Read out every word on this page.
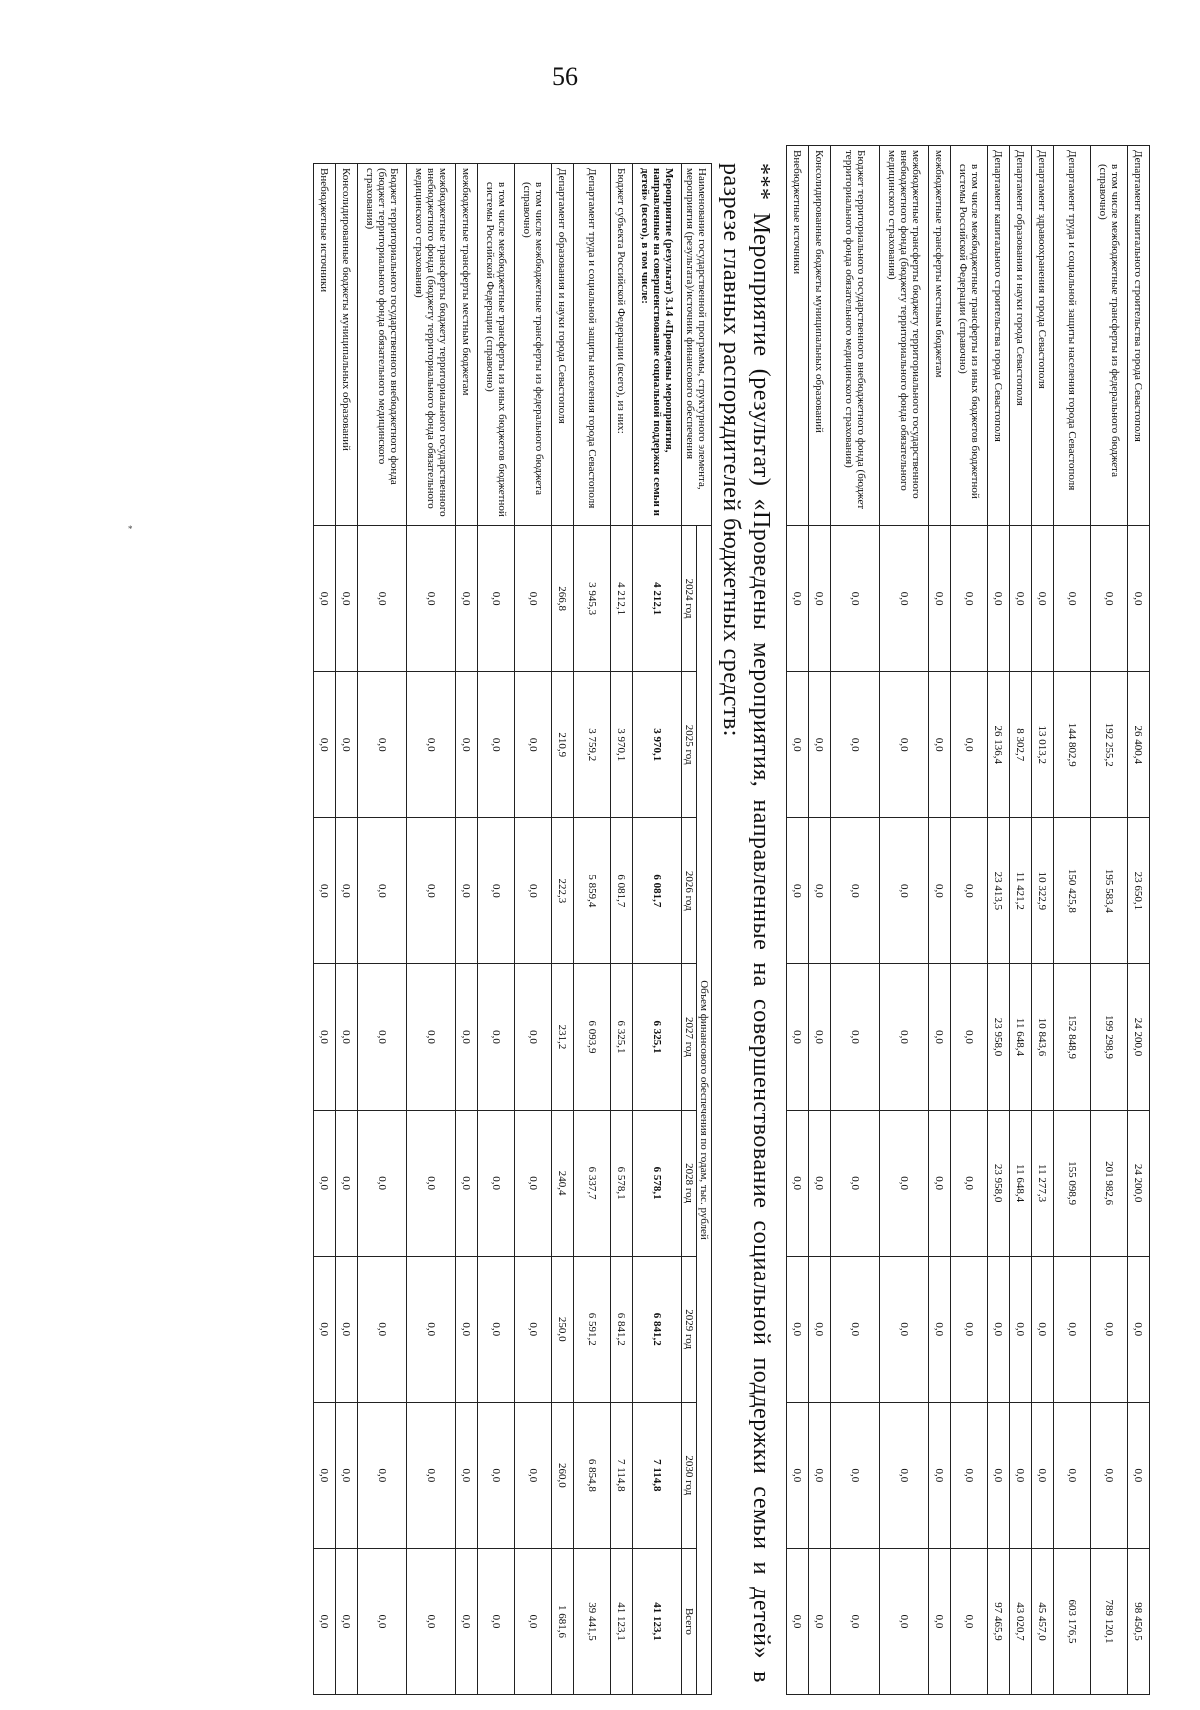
56
*
Департамент капитального строительства города Севастополя	0,0	26 400,4	23 650,1	24 200,0	24 200,0	0,0	0,0	98 450,5
в том числе межбюджетные трансферты из федерального бюджета (справочно)	0,0	192 255,2	195 583,4	199 298,9	201 982,6	0,0	0,0	789 120,1
Департамент труда и социальной защиты населения города Севастополя	0,0	144 802,9	150 425,8	152 848,9	155 098,9	0,0	0,0	603 176,5
Департамент здравоохранения города Севастополя	0,0	13 013,2	10 322,9	10 843,6	11 277,3	0,0	0,0	45 457,0
Департамент образования и науки города Севастополя	0,0	8 302,7	11 421,2	11 648,4	11 648,4	0,0	0,0	43 020,7
Департамент капитального строительства города Севастополя	0,0	26 136,4	23 413,5	23 958,0	23 958,0	0,0	0,0	97 465,9
в том числе межбюджетные трансферты из иных бюджетов бюджетной системы Российской Федерации (справочно)	0,0	0,0	0,0	0,0	0,0	0,0	0,0	0,0
межбюджетные трансферты местным бюджетам	0,0	0,0	0,0	0,0	0,0	0,0	0,0	0,0
межбюджетные трансферты бюджету территориального государственного внебюджетного фонда (бюджету территориального фонда обязательного медицинского страхования)	0,0	0,0	0,0	0,0	0,0	0,0	0,0	0,0
Бюджет территориального государственного внебюджетного фонда (бюджет территориального фонда обязательного медицинского страхования)	0,0	0,0	0,0	0,0	0,0	0,0	0,0	0,0
Консолидированные бюджеты муниципальных образований	0,0	0,0	0,0	0,0	0,0	0,0	0,0	0,0
Внебюджетные источники	0,0	0,0	0,0	0,0	0,0	0,0	0,0	0,0
*** Мероприятие (результат) «Проведены мероприятия, направленные на совершенствование социальной поддержки семьи и детей» в разрезе главных распорядителей бюджетных средств:
Наименование государственной программы, структурного элемента, мероприятия (результата)/источник финансового обеспечения	Объем финансового обеспечения по годам, тыс. рублей							
	2024 год	2025 год	2026 год	2027 год	2028 год	2029 год	2030 год	Всего
Мероприятие (результат) 3.14 «Проведены мероприятия, направленные на совершенствование социальной поддержки семьи и детей» (всего), в том числе:	4 212,1	3 970,1	6 081,7	6 325,1	6 578,1	6 841,2	7 114,8	41 123,1
Бюджет субъекта Российской Федерации (всего), из них:	4 212,1	3 970,1	6 081,7	6 325,1	6 578,1	6 841,2	7 114,8	41 123,1
Департамент труда и социальной защиты населения города Севастополя	3 945,3	3 759,2	5 859,4	6 093,9	6 337,7	6 591,2	6 854,8	39 441,5
Департамент образования и науки города Севастополя	266,8	210,9	222,3	231,2	240,4	250,0	260,0	1 681,6
в том числе межбюджетные трансферты из федерального бюджета (справочно)	0,0	0,0	0,0	0,0	0,0	0,0	0,0	0,0
в том числе межбюджетные трансферты из иных бюджетов бюджетной системы Российской Федерации (справочно)	0,0	0,0	0,0	0,0	0,0	0,0	0,0	0,0
межбюджетные трансферты местным бюджетам	0,0	0,0	0,0	0,0	0,0	0,0	0,0	0,0
межбюджетные трансферты бюджету территориального государственного внебюджетного фонда (бюджету территориального фонда обязательного медицинского страхования)	0,0	0,0	0,0	0,0	0,0	0,0	0,0	0,0
Бюджет территориального государственного внебюджетного фонда (бюджет территориального фонда обязательного медицинского страхования)	0,0	0,0	0,0	0,0	0,0	0,0	0,0	0,0
Консолидированные бюджеты муниципальных образований	0,0	0,0	0,0	0,0	0,0	0,0	0,0	0,0
Внебюджетные источники	0,0	0,0	0,0	0,0	0,0	0,0	0,0	0,0
